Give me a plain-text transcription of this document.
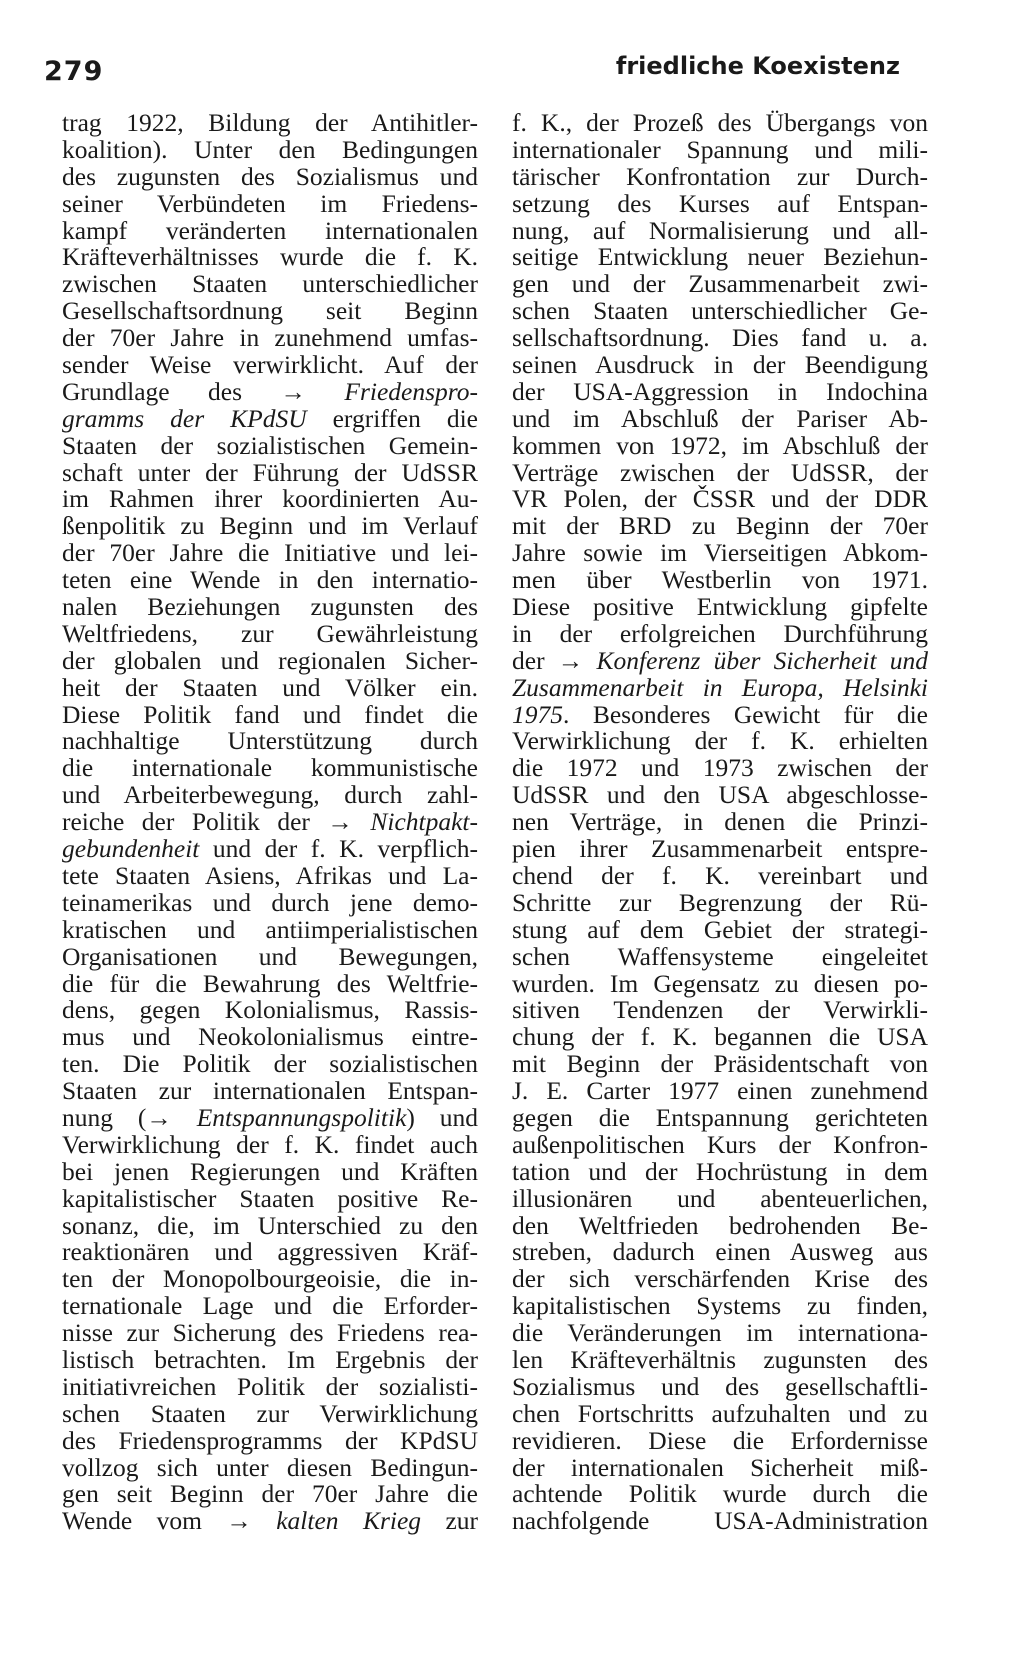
279	friedliche Koexistenz
trag 1922, Bildung der Antihitler-
koalition). Unter den Bedingungen
des zugunsten des Sozialismus und
seiner Verbündeten im Friedens-
kampf veränderten internationalen
Kräfteverhältnisses wurde die f. K.
zwischen Staaten unterschiedlicher
Gesellschaftsordnung seit Beginn
der 70er Jahre in zunehmend umfas-
sender Weise verwirklicht. Auf der
Grundlage des → Friedenspro-
gramms der KPdSU ergriffen die
Staaten der sozialistischen Gemein-
schaft unter der Führung der UdSSR
im Rahmen ihrer koordinierten Au-
ßenpolitik zu Beginn und im Verlauf
der 70er Jahre die Initiative und lei-
teten eine Wende in den internatio-
nalen Beziehungen zugunsten des
Weltfriedens, zur Gewährleistung
der globalen und regionalen Sicher-
heit der Staaten und Völker ein.
Diese Politik fand und findet die
nachhaltige Unterstützung durch
die internationale kommunistische
und Arbeiterbewegung, durch zahl-
reiche der Politik der → Nichtpakt-
gebundenheit und der f. K. verpflich-
tete Staaten Asiens, Afrikas und La-
teinamerikas und durch jene demo-
kratischen und antiimperialistischen
Organisationen und Bewegungen,
die für die Bewahrung des Weltfrie-
dens, gegen Kolonialismus, Rassis-
mus und Neokolonialismus eintre-
ten. Die Politik der sozialistischen
Staaten zur internationalen Entspan-
nung (→ Entspannungspolitik) und
Verwirklichung der f. K. findet auch
bei jenen Regierungen und Kräften
kapitalistischer Staaten positive Re-
sonanz, die, im Unterschied zu den
reaktionären und aggressiven Kräf-
ten der Monopolbourgeoisie, die in-
ternationale Lage und die Erforder-
nisse zur Sicherung des Friedens rea-
listisch betrachten. Im Ergebnis der
initiativreichen Politik der sozialisti-
schen Staaten zur Verwirklichung
des Friedensprogramms der KPdSU
vollzog sich unter diesen Bedingun-
gen seit Beginn der 70er Jahre die
Wende vom → kalten Krieg zur
f. K., der Prozeß des Übergangs von
internationaler Spannung und mili-
tärischer Konfrontation zur Durch-
setzung des Kurses auf Entspan-
nung, auf Normalisierung und all-
seitige Entwicklung neuer Beziehun-
gen und der Zusammenarbeit zwi-
schen Staaten unterschiedlicher Ge-
sellschaftsordnung. Dies fand u. a.
seinen Ausdruck in der Beendigung
der USA-Aggression in Indochina
und im Abschluß der Pariser Ab-
kommen von 1972, im Abschluß der
Verträge zwischen der UdSSR, der
VR Polen, der ČSSR und der DDR
mit der BRD zu Beginn der 70er
Jahre sowie im Vierseitigen Abkom-
men über Westberlin von 1971.
Diese positive Entwicklung gipfelte
in der erfolgreichen Durchführung
der → Konferenz über Sicherheit und
Zusammenarbeit in Europa, Helsinki
1975. Besonderes Gewicht für die
Verwirklichung der f. K. erhielten
die 1972 und 1973 zwischen der
UdSSR und den USA abgeschlosse-
nen Verträge, in denen die Prinzi-
pien ihrer Zusammenarbeit entspre-
chend der f. K. vereinbart und
Schritte zur Begrenzung der Rü-
stung auf dem Gebiet der strategi-
schen Waffensysteme eingeleitet
wurden. Im Gegensatz zu diesen po-
sitiven Tendenzen der Verwirkli-
chung der f. K. begannen die USA
mit Beginn der Präsidentschaft von
J. E. Carter 1977 einen zunehmend
gegen die Entspannung gerichteten
außenpolitischen Kurs der Konfron-
tation und der Hochrüstung in dem
illusionären und abenteuerlichen,
den Weltfrieden bedrohenden Be-
streben, dadurch einen Ausweg aus
der sich verschärfenden Krise des
kapitalistischen Systems zu finden,
die Veränderungen im internationa-
len Kräfteverhältnis zugunsten des
Sozialismus und des gesellschaftli-
chen Fortschritts aufzuhalten und zu
revidieren. Diese die Erfordernisse
der internationalen Sicherheit miß-
achtende Politik wurde durch die
nachfolgende USA-Administration
